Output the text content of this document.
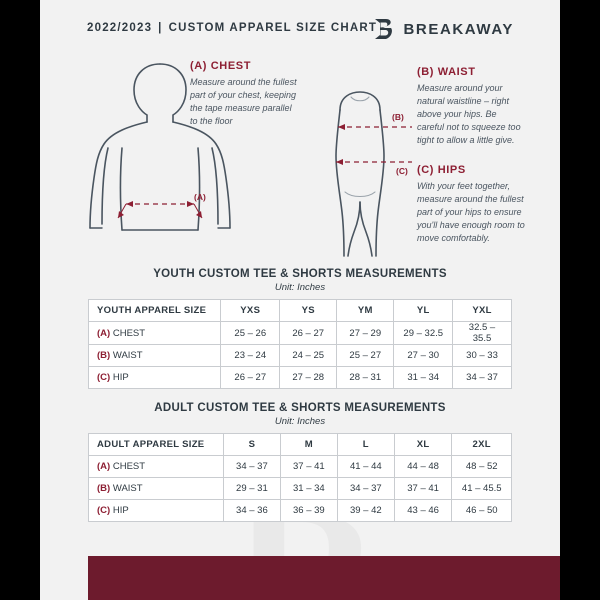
2022/2023 | CUSTOM APPAREL SIZE CHART BREAKAWAY
(A)
(B)
(C)
(A) CHEST
Measure around the fullest part of your chest, keeping the tape measure parallel to the floor
(B) WAIST
Measure around your natural waistline – right above your hips. Be careful not to squeeze too tight to allow a little give.
(C) HIPS
With your feet together, measure around the fullest part of your hips to ensure you'll have enough room to move comfortably.
YOUTH CUSTOM TEE & SHORTS MEASUREMENTS
Unit: Inches
YOUTH APPAREL SIZE	YXS	YS	YM	YL	YXL
(A) CHEST	25 – 26	26 – 27	27 – 29	29 – 32.5	32.5 – 35.5
(B) WAIST	23 – 24	24 – 25	25 – 27	27 – 30	30 – 33
(C) HIP	26 – 27	27 – 28	28 – 31	31 – 34	34 – 37
ADULT CUSTOM TEE & SHORTS MEASUREMENTS
Unit: Inches
ADULT APPAREL SIZE	S	M	L	XL	2XL
(A) CHEST	34 – 37	37 – 41	41 – 44	44 – 48	48 – 52
(B) WAIST	29 – 31	31 – 34	34 – 37	37 – 41	41 – 45.5
(C) HIP	34 – 36	36 – 39	39 – 42	43 – 46	46 – 50
